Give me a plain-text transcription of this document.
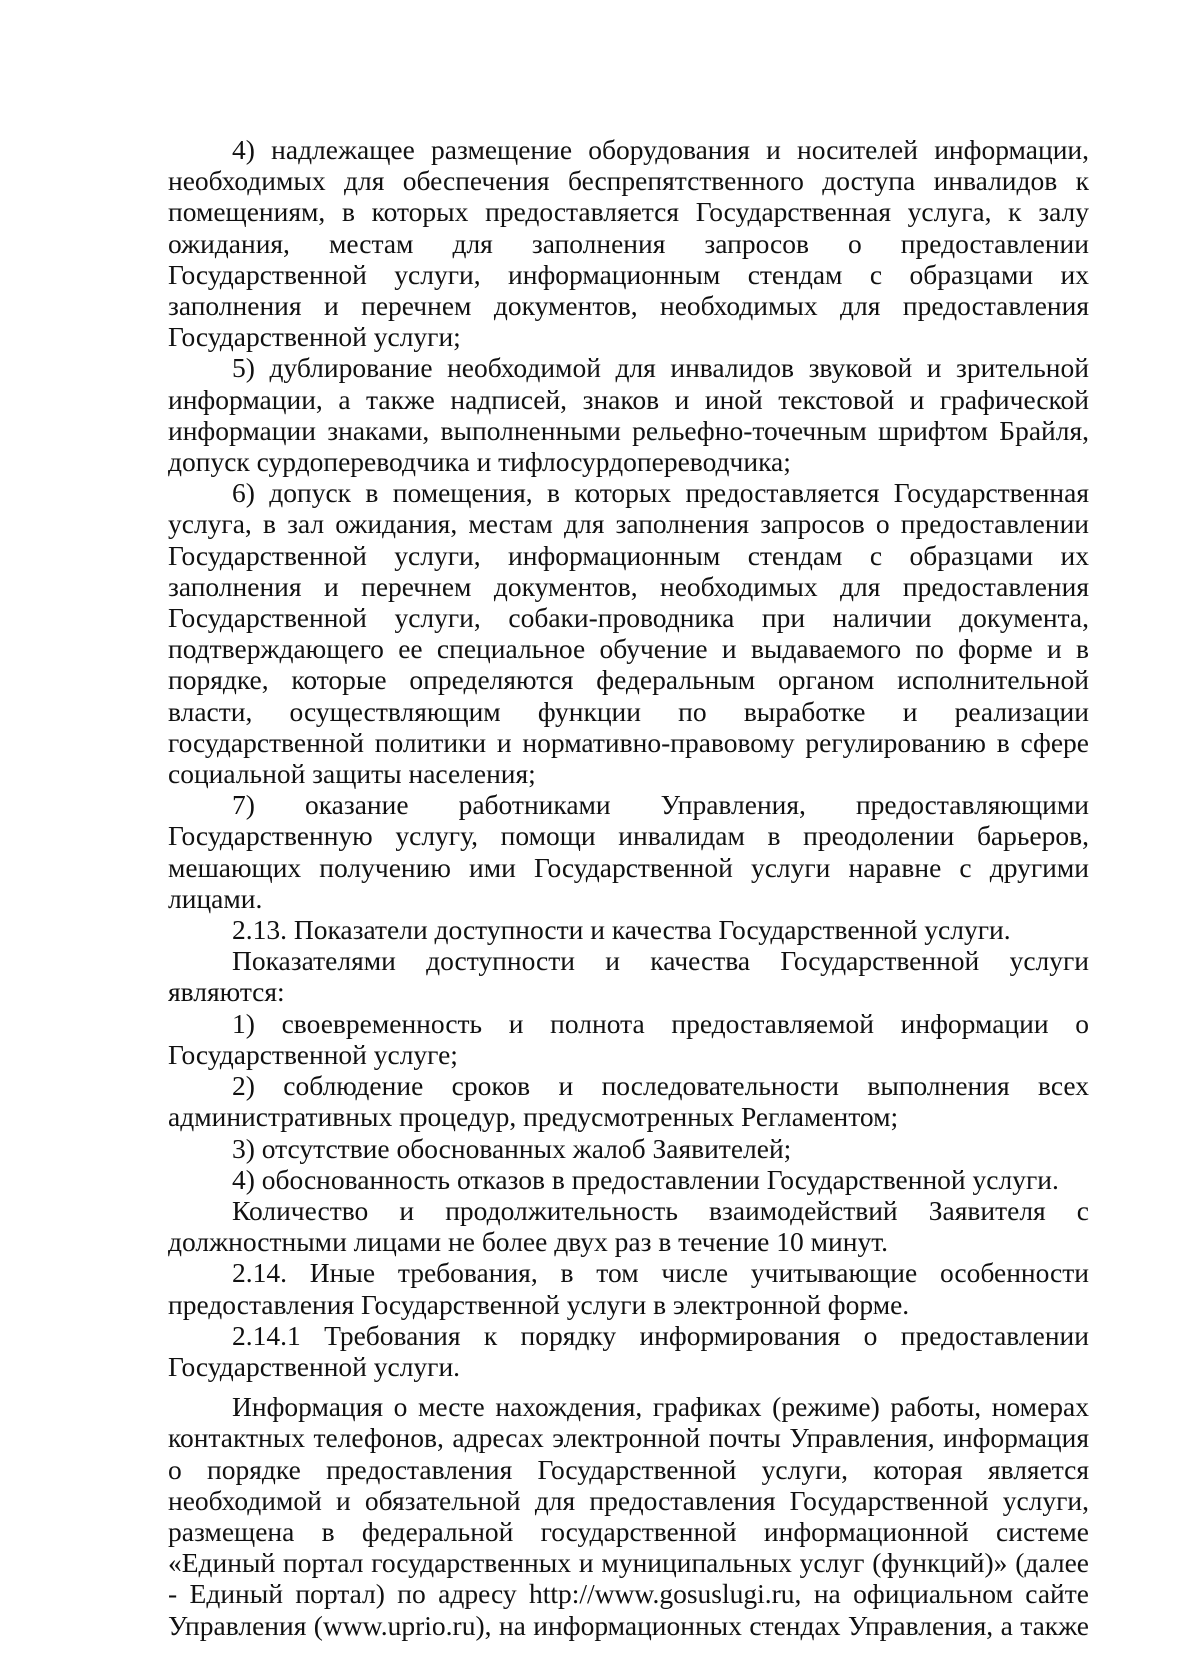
4) надлежащее размещение оборудования и носителей информации, необходимых для обеспечения беспрепятственного доступа инвалидов к помещениям, в которых предоставляется Государственная услуга, к залу ожидания, местам для заполнения запросов о предоставлении Государственной услуги, информационным стендам с образцами их заполнения и перечнем документов, необходимых для предоставления Государственной услуги;

5) дублирование необходимой для инвалидов звуковой и зрительной информации, а также надписей, знаков и иной текстовой и графической информации знаками, выполненными рельефно-точечным шрифтом Брайля, допуск сурдопереводчика и тифлосурдопереводчика;

6) допуск в помещения, в которых предоставляется Государственная услуга, в зал ожидания, местам для заполнения запросов о предоставлении Государственной услуги, информационным стендам с образцами их заполнения и перечнем документов, необходимых для предоставления Государственной услуги, собаки-проводника при наличии документа, подтверждающего ее специальное обучение и выдаваемого по форме и в порядке, которые определяются федеральным органом исполнительной власти, осуществляющим функции по выработке и реализации государственной политики и нормативно-правовому регулированию в сфере социальной защиты населения;

7) оказание работниками Управления, предоставляющими Государственную услугу, помощи инвалидам в преодолении барьеров, мешающих получению ими Государственной услуги наравне с другими лицами.

2.13. Показатели доступности и качества Государственной услуги.

Показателями доступности и качества Государственной услуги являются:

1) своевременность и полнота предоставляемой информации о Государственной услуге;

2) соблюдение сроков и последовательности выполнения всех административных процедур, предусмотренных Регламентом;

3) отсутствие обоснованных жалоб Заявителей;

4) обоснованность отказов в предоставлении Государственной услуги.

Количество и продолжительность взаимодействий Заявителя с должностными лицами не более двух раз в течение 10 минут.

2.14. Иные требования, в том числе учитывающие особенности предоставления Государственной услуги в электронной форме.

2.14.1 Требования к порядку информирования о предоставлении Государственной услуги.

Информация о месте нахождения, графиках (режиме) работы, номерах контактных телефонов, адресах электронной почты Управления, информация о порядке предоставления Государственной услуги, которая является необходимой и обязательной для предоставления Государственной услуги, размещена в федеральной государственной информационной системе «Единый портал государственных и муниципальных услуг (функций)» (далее - Единый портал) по адресу http://www.gosuslugi.ru, на официальном сайте Управления (www.uprio.ru), на информационных стендах Управления, а также
